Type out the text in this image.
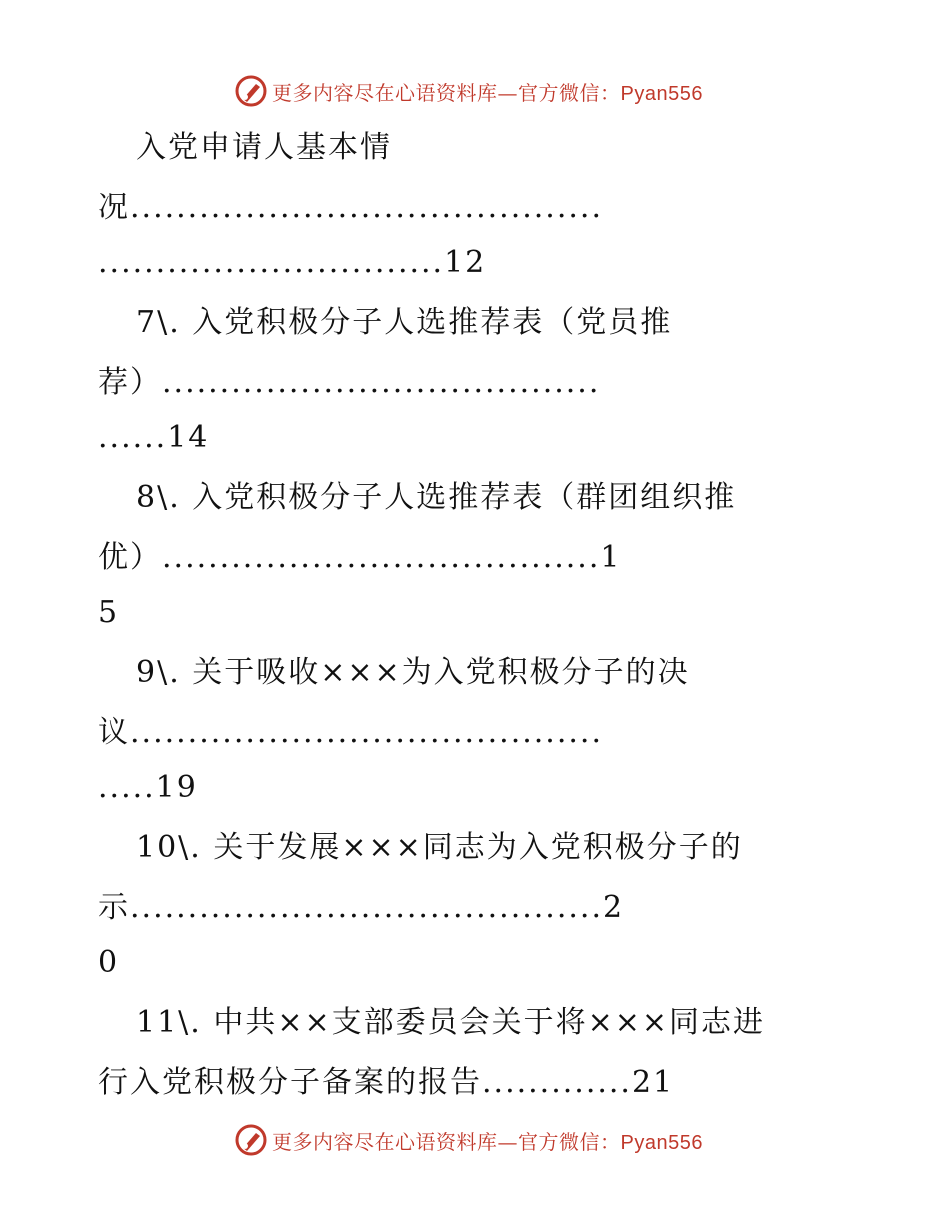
更多内容尽在心语资料库—官方微信：Pyan556
入党申请人基本情
况.........................................
..............................12
7\. 入党积极分子人选推荐表（党员推
荐）......................................
......14
8\. 入党积极分子人选推荐表（群团组织推
优）......................................1
5
9\. 关于吸收×××为入党积极分子的决
议.........................................
.....19
10\. 关于发展×××同志为入党积极分子的
示.........................................2
0
11\. 中共××支部委员会关于将×××同志进
行入党积极分子备案的报告.............21
更多内容尽在心语资料库—官方微信：Pyan556
